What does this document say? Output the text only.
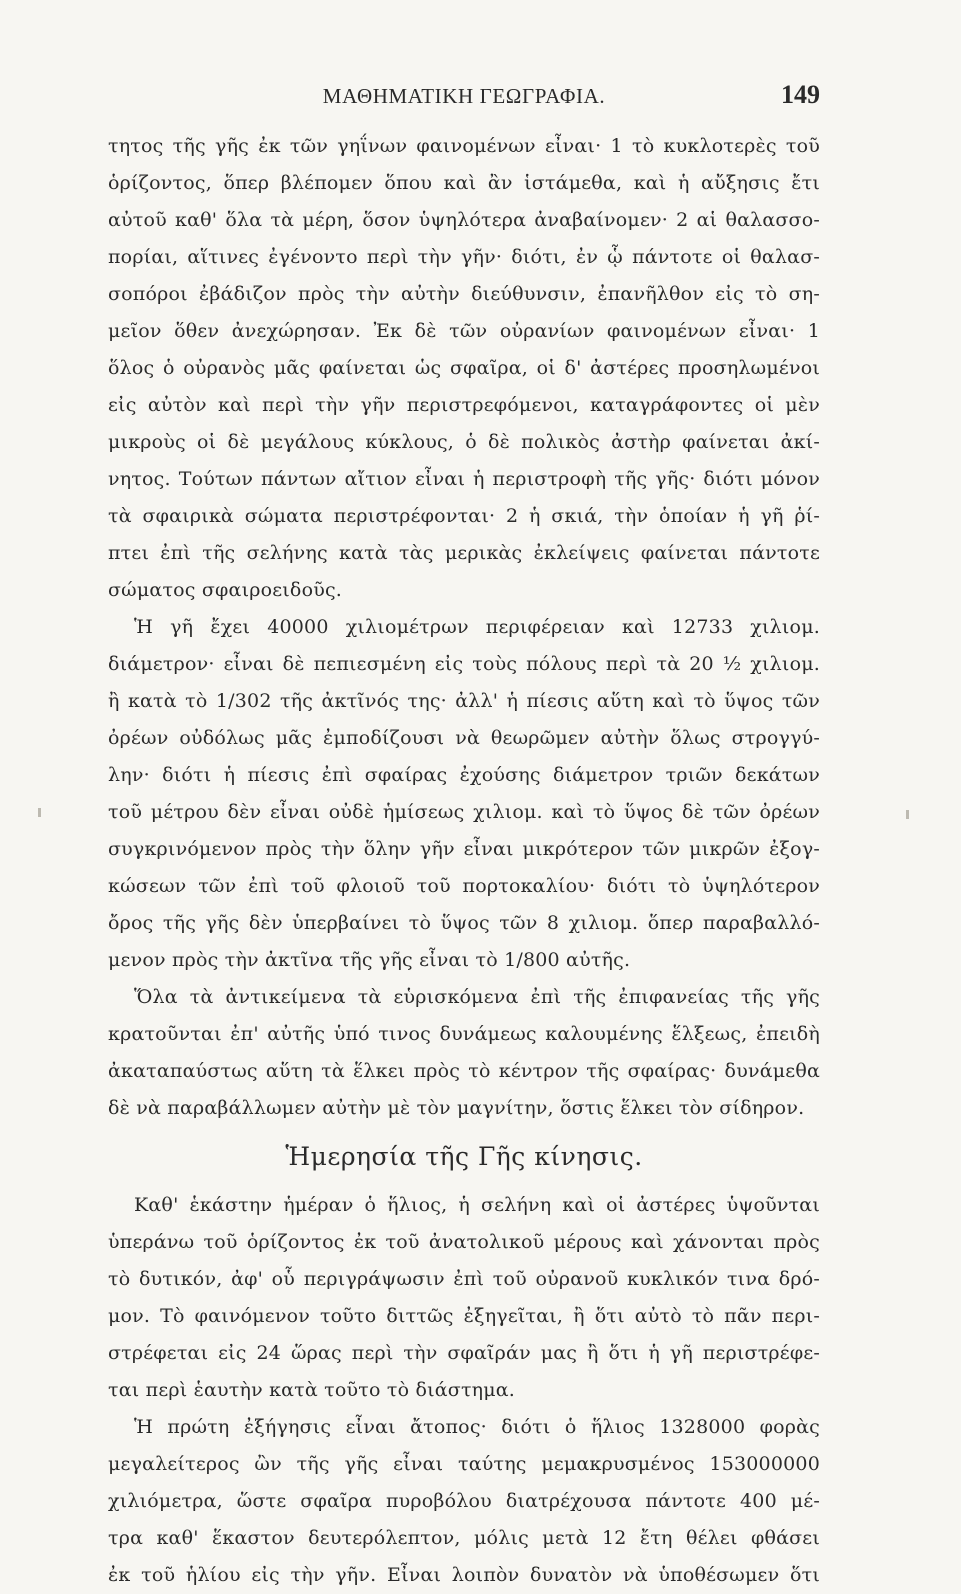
ΜΑΘΗΜΑΤΙΚΗ ΓΕΩΓΡΑΦΙΑ.	149
τητος τῆς γῆς ἐκ τῶν γηΐνων φαινομένων εἶναι· 1 τὸ κυκλοτερὲς τοῦ
ὁρίζοντος, ὅπερ βλέπομεν ὅπου καὶ ἂν ἱστάμεθα, καὶ ἡ αὔξησις ἔτι
αὐτοῦ καθ' ὅλα τὰ μέρη, ὅσον ὑψηλότερα ἀναβαίνομεν· 2 αἱ θαλασσο-
πορίαι, αἵτινες ἐγένοντο περὶ τὴν γῆν· διότι, ἐν ᾧ πάντοτε οἱ θαλασ-
σοπόροι ἐβάδιζον πρὸς τὴν αὐτὴν διεύθυνσιν, ἐπανῆλθον εἰς τὸ ση-
μεῖον ὅθεν ἀνεχώρησαν. Ἐκ δὲ τῶν οὐρανίων φαινομένων εἶναι· 1
ὅλος ὁ οὐρανὸς μᾶς φαίνεται ὡς σφαῖρα, οἱ δ' ἀστέρες προσηλωμένοι
εἰς αὐτὸν καὶ περὶ τὴν γῆν περιστρεφόμενοι, καταγράφοντες οἱ μὲν
μικροὺς οἱ δὲ μεγάλους κύκλους, ὁ δὲ πολικὸς ἀστὴρ φαίνεται ἀκί-
νητος. Τούτων πάντων αἴτιον εἶναι ἡ περιστροφὴ τῆς γῆς· διότι μόνον
τὰ σφαιρικὰ σώματα περιστρέφονται· 2 ἡ σκιά, τὴν ὁποίαν ἡ γῆ ῥί-
πτει ἐπὶ τῆς σελήνης κατὰ τὰς μερικὰς ἐκλείψεις φαίνεται πάντοτε
σώματος σφαιροειδοῦς.
Ἡ γῆ ἔχει 40000 χιλιομέτρων περιφέρειαν καὶ 12733 χιλιομ.
διάμετρον· εἶναι δὲ πεπιεσμένη εἰς τοὺς πόλους περὶ τὰ 20 ½ χιλιομ.
ἢ κατὰ τὸ 1/302 τῆς ἀκτῖνός της· ἀλλ' ἡ πίεσις αὕτη καὶ τὸ ὕψος τῶν
ὀρέων οὐδόλως μᾶς ἐμποδίζουσι νὰ θεωρῶμεν αὐτὴν ὅλως στρογγύ-
λην· διότι ἡ πίεσις ἐπὶ σφαίρας ἐχούσης διάμετρον τριῶν δεκάτων
τοῦ μέτρου δὲν εἶναι οὐδὲ ἡμίσεως χιλιομ. καὶ τὸ ὕψος δὲ τῶν ὀρέων
συγκρινόμενον πρὸς τὴν ὅλην γῆν εἶναι μικρότερον τῶν μικρῶν ἐξογ-
κώσεων τῶν ἐπὶ τοῦ φλοιοῦ τοῦ πορτοκαλίου· διότι τὸ ὑψηλότερον
ὄρος τῆς γῆς δὲν ὑπερβαίνει τὸ ὕψος τῶν 8 χιλιομ. ὅπερ παραβαλλό-
μενον πρὸς τὴν ἀκτῖνα τῆς γῆς εἶναι τὸ 1/800 αὐτῆς.
Ὅλα τὰ ἀντικείμενα τὰ εὑρισκόμενα ἐπὶ τῆς ἐπιφανείας τῆς γῆς
κρατοῦνται ἐπ' αὐτῆς ὑπό τινος δυνάμεως καλουμένης ἕλξεως, ἐπειδὴ
ἀκαταπαύστως αὕτη τὰ ἕλκει πρὸς τὸ κέντρον τῆς σφαίρας· δυνάμεθα
δὲ νὰ παραβάλλωμεν αὐτὴν μὲ τὸν μαγνίτην, ὅστις ἕλκει τὸν σίδηρον.
Ἡμερησία τῆς Γῆς κίνησις.
Καθ' ἑκάστην ἡμέραν ὁ ἥλιος, ἡ σελήνη καὶ οἱ ἀστέρες ὑψοῦνται
ὑπεράνω τοῦ ὁρίζοντος ἐκ τοῦ ἀνατολικοῦ μέρους καὶ χάνονται πρὸς
τὸ δυτικόν, ἀφ' οὗ περιγράψωσιν ἐπὶ τοῦ οὐρανοῦ κυκλικόν τινα δρό-
μον. Τὸ φαινόμενον τοῦτο διττῶς ἐξηγεῖται, ἢ ὅτι αὐτὸ τὸ πᾶν περι-
στρέφεται εἰς 24 ὥρας περὶ τὴν σφαῖράν μας ἢ ὅτι ἡ γῆ περιστρέφε-
ται περὶ ἑαυτὴν κατὰ τοῦτο τὸ διάστημα.
Ἡ πρώτη ἐξήγησις εἶναι ἄτοπος· διότι ὁ ἥλιος 1328000 φορὰς
μεγαλείτερος ὢν τῆς γῆς εἶναι ταύτης μεμακρυσμένος 153000000
χιλιόμετρα, ὥστε σφαῖρα πυροβόλου διατρέχουσα πάντοτε 400 μέ-
τρα καθ' ἕκαστον δευτερόλεπτον, μόλις μετὰ 12 ἔτη θέλει φθάσει
ἐκ τοῦ ἡλίου εἰς τὴν γῆν. Εἶναι λοιπὸν δυνατὸν νὰ ὑποθέσωμεν ὅτι
